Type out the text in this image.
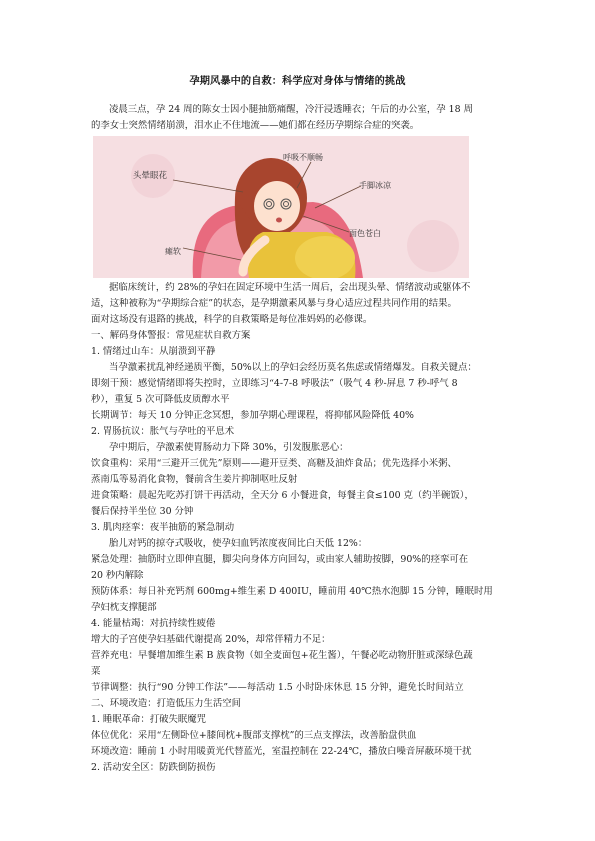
孕期风暴中的自救：科学应对身体与情绪的挑战
凌晨三点，孕 24 周的陈女士因小腿抽筋痛醒，冷汗浸透睡衣；午后的办公室，孕 18 周
的李女士突然情绪崩溃，泪水止不住地流——她们都在经历孕期综合症的突袭。
头晕眼花
呼吸不顺畅
手脚冰凉
面色苍白
瘫软
据临床统计，约 28%的孕妇在固定环境中生活一周后，会出现头晕、情绪波动或躯体不
适，这种被称为“孕期综合症”的状态，是孕期激素风暴与身心适应过程共同作用的结果。
面对这场没有退路的挑战，科学的自救策略是每位准妈妈的必修课。
一、解码身体警报：常见症状自救方案
1. 情绪过山车：从崩溃到平静
当孕激素扰乱神经递质平衡，50%以上的孕妇会经历莫名焦虑或情绪爆发。自救关键点：
即刻干预：感觉情绪即将失控时，立即练习“4-7-8 呼吸法”（吸气 4 秒-屏息 7 秒-呼气 8
秒），重复 5 次可降低皮质醇水平
长期调节：每天 10 分钟正念冥想，参加孕期心理课程，将抑郁风险降低 40%
2. 胃肠抗议：胀气与孕吐的平息术
孕中期后，孕激素使胃肠动力下降 30%，引发腹胀恶心：
饮食重构：采用“三避开三优先”原则——避开豆类、高糖及油炸食品；优先选择小米粥、
蒸南瓜等易消化食物，餐前含生姜片抑制呕吐反射
进食策略：晨起先吃苏打饼干再活动，全天分 6 小餐进食，每餐主食≤100 克（约半碗饭），
餐后保持半坐位 30 分钟
3. 肌肉痉挛：夜半抽筋的紧急制动
胎儿对钙的掠夺式吸收，使孕妇血钙浓度夜间比白天低 12%：
紧急处理：抽筋时立即伸直腿，脚尖向身体方向回勾，或由家人辅助按脚，90%的痉挛可在
20 秒内解除
预防体系：每日补充钙剂 600mg+维生素 D 400IU，睡前用 40℃热水泡脚 15 分钟，睡眠时用
孕妇枕支撑腿部
4. 能量枯竭：对抗持续性疲倦
增大的子宫使孕妇基础代谢提高 20%，却常伴精力不足：
营养充电：早餐增加维生素 B 族食物（如全麦面包+花生酱），午餐必吃动物肝脏或深绿色蔬
菜
节律调整：执行“90 分钟工作法”——每活动 1.5 小时卧床休息 15 分钟，避免长时间站立
二、环境改造：打造低压力生活空间
1. 睡眠革命：打破失眠魔咒
体位优化：采用“左侧卧位+膝间枕+腹部支撑枕”的三点支撑法，改善胎盘供血
环境改造：睡前 1 小时用暖黄光代替蓝光，室温控制在 22-24℃，播放白噪音屏蔽环境干扰
2. 活动安全区：防跌倒防损伤
